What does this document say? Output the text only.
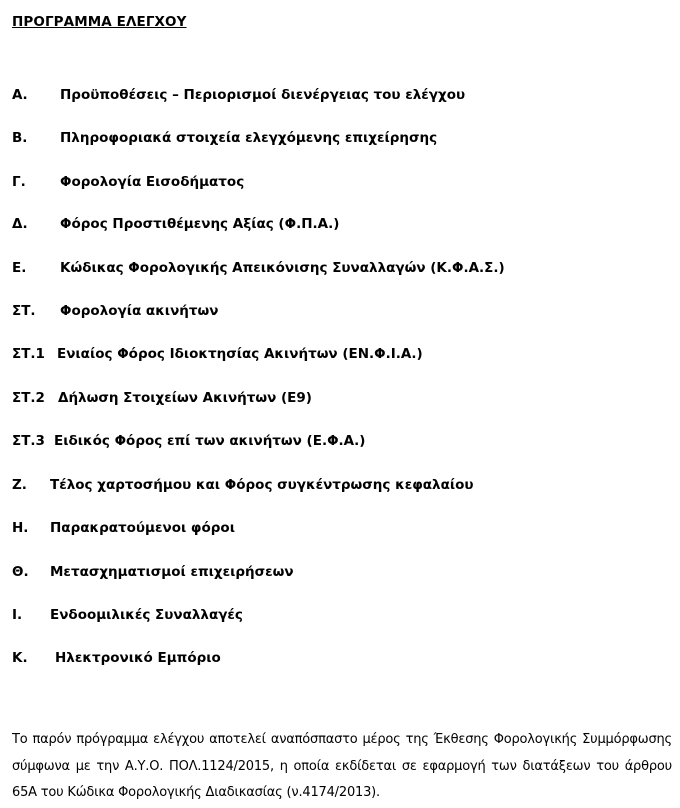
ΠΡΟΓΡΑΜΜΑ ΕΛΕΓΧΟΥ
Α. Προϋποθέσεις – Περιορισμοί διενέργειας του ελέγχου
Β. Πληροφοριακά στοιχεία ελεγχόμενης επιχείρησης
Γ.	Φορολογία Εισοδήματος
Δ. Φόρος Προστιθέμενης Αξίας (Φ.Π.Α.)
Ε. Κώδικας Φορολογικής Απεικόνισης Συναλλαγών (Κ.Φ.Α.Σ.)
ΣΤ. Φορολογία ακινήτων
ΣΤ.1 Ενιαίος Φόρος Ιδιοκτησίας Ακινήτων (ΕΝ.Φ.Ι.Α.)
ΣΤ.2 Δήλωση Στοιχείων Ακινήτων (Ε9)
ΣΤ.3 Ειδικός Φόρος επί των ακινήτων (Ε.Φ.Α.)
Ζ. Τέλος χαρτοσήμου και Φόρος συγκέντρωσης κεφαλαίου
Η. Παρακρατούμενοι φόροι
Θ. Μετασχηματισμοί επιχειρήσεων
Ι. Ενδοομιλικές Συναλλαγές
Κ. Ηλεκτρονικό Εμπόριο
Το παρόν πρόγραμμα ελέγχου αποτελεί αναπόσπαστο μέρος της Έκθεσης Φορολογικής Συμμόρφωσης σύμφωνα με την Α.Υ.Ο. ΠΟΛ.1124/2015, η οποία εκδίδεται σε εφαρμογή των διατάξεων του άρθρου 65Α του Κώδικα Φορολογικής Διαδικασίας (ν.4174/2013).
